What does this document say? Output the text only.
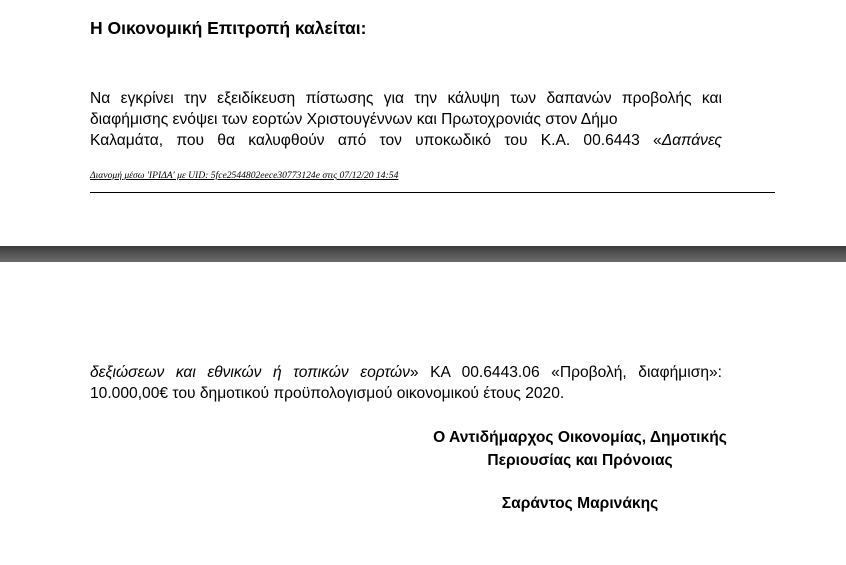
Η Οικονομική Επιτροπή καλείται:

Να εγκρίνει την εξειδίκευση πίστωσης για την κάλυψη των δαπανών προβολής και διαφήμισης ενόψει των εορτών Χριστουγέννων και Πρωτοχρονιάς στον Δήμο
Καλαμάτα, που θα καλυφθούν από τον υποκωδικό του Κ.Α. 00.6443 «Δαπάνες

Διανομή μέσω 'ΙΡΙΔΑ' με UID: 5fce2544802eece30773124e στις 07/12/20 14:54

δεξιώσεων και εθνικών ή τοπικών εορτών» ΚΑ 00.6443.06 «Προβολή, διαφήμιση»:
10.000,00€ του δημοτικού προϋπολογισμού οικονομικού έτους 2020.

Ο Αντιδήμαρχος Οικονομίας, Δημοτικής
Περιουσίας και Πρόνοιας
Σαράντος Μαρινάκης
